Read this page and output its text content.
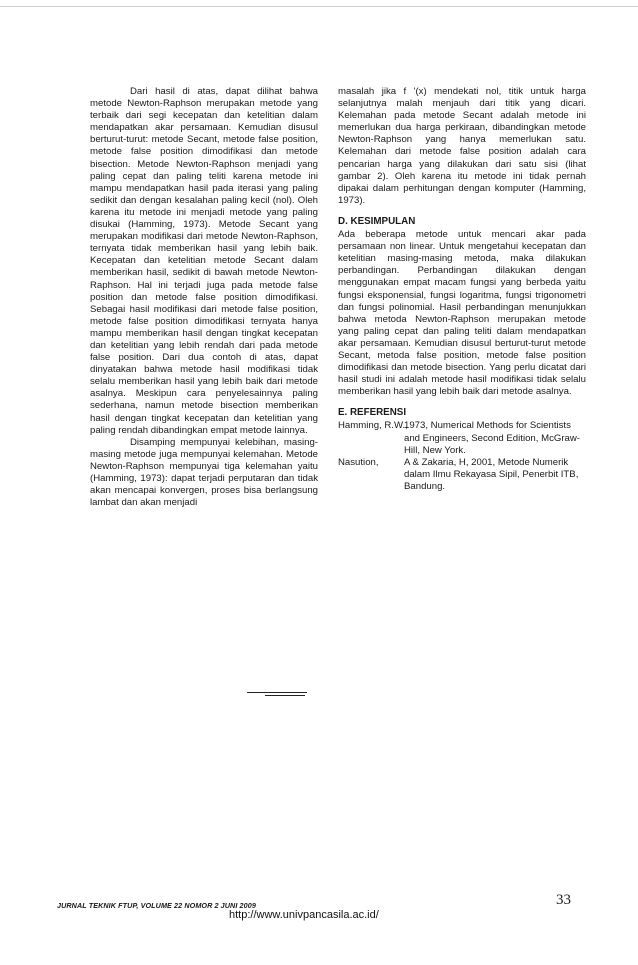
Dari hasil di atas, dapat dilihat bahwa metode Newton-Raphson merupakan metode yang terbaik dari segi kecepatan dan ketelitian dalam mendapatkan akar persamaan. Kemudian disusul berturut-turut: metode Secant, metode false position, metode false position dimodifikasi dan metode bisection. Metode Newton-Raphson menjadi yang paling cepat dan paling teliti karena metode ini mampu mendapatkan hasil pada iterasi yang paling sedikit dan dengan kesalahan paling kecil (nol). Oleh karena itu metode ini menjadi metode yang paling disukai (Hamming, 1973). Metode Secant yang merupakan modifikasi dari metode Newton-Raphson, ternyata tidak memberikan hasil yang lebih baik. Kecepatan dan ketelitian metode Secant dalam memberikan hasil, sedikit di bawah metode Newton-Raphson. Hal ini terjadi juga pada metode false position dan metode false position dimodifikasi. Sebagai hasil modifikasi dari metode false position, metode false position dimodifikasi ternyata hanya mampu memberikan hasil dengan tingkat kecepatan dan ketelitian yang lebih rendah dari pada metode false position. Dari dua contoh di atas, dapat dinyatakan bahwa metode hasil modifikasi tidak selalu memberikan hasil yang lebih baik dari metode asalnya. Meskipun cara penyelesainnya paling sederhana, namun metode bisection memberikan hasil dengan tingkat kecepatan dan ketelitian yang paling rendah dibandingkan empat metode lainnya.

Disamping mempunyai kelebihan, masing-masing metode juga mempunyai kelemahan. Metode Newton-Raphson mempunyai tiga kelemahan yaitu (Hamming, 1973): dapat terjadi perputaran dan tidak akan mencapai konvergen, proses bisa berlangsung lambat dan akan menjadi

masalah jika f '(x) mendekati nol, titik untuk harga selanjutnya malah menjauh dari titik yang dicari. Kelemahan pada metode Secant adalah metode ini memerlukan dua harga perkiraan, dibandingkan metode Newton-Raphson yang hanya memerlukan satu. Kelemahan dari metode false position adalah cara pencarian harga yang dilakukan dari satu sisi (lihat gambar 2). Oleh karena itu metode ini tidak pernah dipakai dalam perhitungan dengan komputer (Hamming, 1973).

D. KESIMPULAN

Ada beberapa metode untuk mencari akar pada persamaan non linear. Untuk mengetahui kecepatan dan ketelitian masing-masing metoda, maka dilakukan perbandingan. Perbandingan dilakukan dengan menggunakan empat macam fungsi yang berbeda yaitu fungsi eksponensial, fungsi logaritma, fungsi trigonometri dan fungsi polinomial. Hasil perbandingan menunjukkan bahwa metoda Newton-Raphson merupakan metode yang paling cepat dan paling teliti dalam mendapatkan akar persamaan. Kemudian disusul berturut-turut metode Secant, metoda false position, metode false position dimodifikasi dan metode bisection. Yang perlu dicatat dari hasil studi ini adalah metode hasil modifikasi tidak selalu memberikan hasil yang lebih baik dari metode asalnya.

E. REFERENSI
Hamming, R.W.,
1973, Numerical Methods for Scientists and Engineers, Second Edition, McGraw-Hill, New York.
Nasution,	A & Zakaria, H, 2001, Metode Numerik dalam Ilmu Rekayasa Sipil, Penerbit ITB, Bandung.
JURNAL TEKNIK FTUP, VOLUME 22 NOMOR 2 JUNI 2009	33
http://www.univpancasila.ac.id/
